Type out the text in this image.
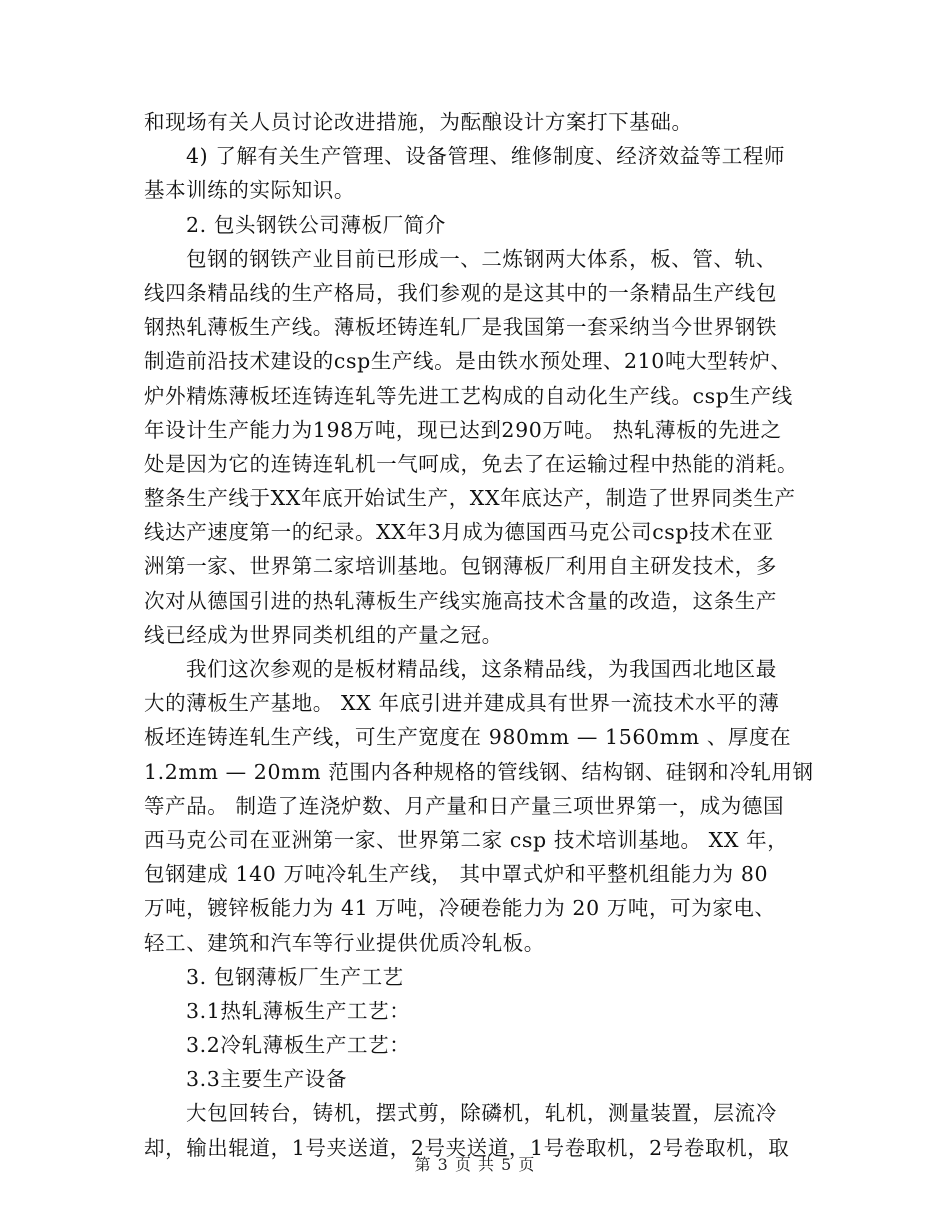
和现场有关人员讨论改进措施，为酝酿设计方案打下基础。
4) 了解有关生产管理、设备管理、维修制度、经济效益等工程师
基本训练的实际知识。
2. 包头钢铁公司薄板厂简介
包钢的钢铁产业目前已形成一、二炼钢两大体系，板、管、轨、
线四条精品线的生产格局，我们参观的是这其中的一条精品生产线包
钢热轧薄板生产线。薄板坯铸连轧厂是我国第一套采纳当今世界钢铁
制造前沿技术建设的csp生产线。是由铁水预处理、210吨大型转炉、
炉外精炼薄板坯连铸连轧等先进工艺构成的自动化生产线。csp生产线
年设计生产能力为198万吨，现已达到290万吨。 热轧薄板的先进之
处是因为它的连铸连轧机一气呵成，免去了在运输过程中热能的消耗。
整条生产线于XX年底开始试生产，XX年底达产，制造了世界同类生产
线达产速度第一的纪录。XX年3月成为德国西马克公司csp技术在亚
洲第一家、世界第二家培训基地。包钢薄板厂利用自主研发技术，多
次对从德国引进的热轧薄板生产线实施高技术含量的改造，这条生产
线已经成为世界同类机组的产量之冠。
我们这次参观的是板材精品线，这条精品线，为我国西北地区最
大的薄板生产基地。 XX 年底引进并建成具有世界一流技术水平的薄
板坯连铸连轧生产线，可生产宽度在 980mm — 1560mm 、厚度在
1.2mm — 20mm 范围内各种规格的管线钢、结构钢、硅钢和冷轧用钢
等产品。 制造了连浇炉数、月产量和日产量三项世界第一，成为德国
西马克公司在亚洲第一家、世界第二家 csp 技术培训基地。 XX 年，
包钢建成 140 万吨冷轧生产线， 其中罩式炉和平整机组能力为 80
万吨，镀锌板能力为 41 万吨，冷硬卷能力为 20 万吨，可为家电、
轻工、建筑和汽车等行业提供优质冷轧板。
3. 包钢薄板厂生产工艺
3.1热轧薄板生产工艺：
3.2冷轧薄板生产工艺：
3.3主要生产设备
大包回转台，铸机，摆式剪，除磷机，轧机，测量装置，层流冷
却，输出辊道，1号夹送道，2号夹送道，1号卷取机，2号卷取机，取
第 3 页 共 5 页
